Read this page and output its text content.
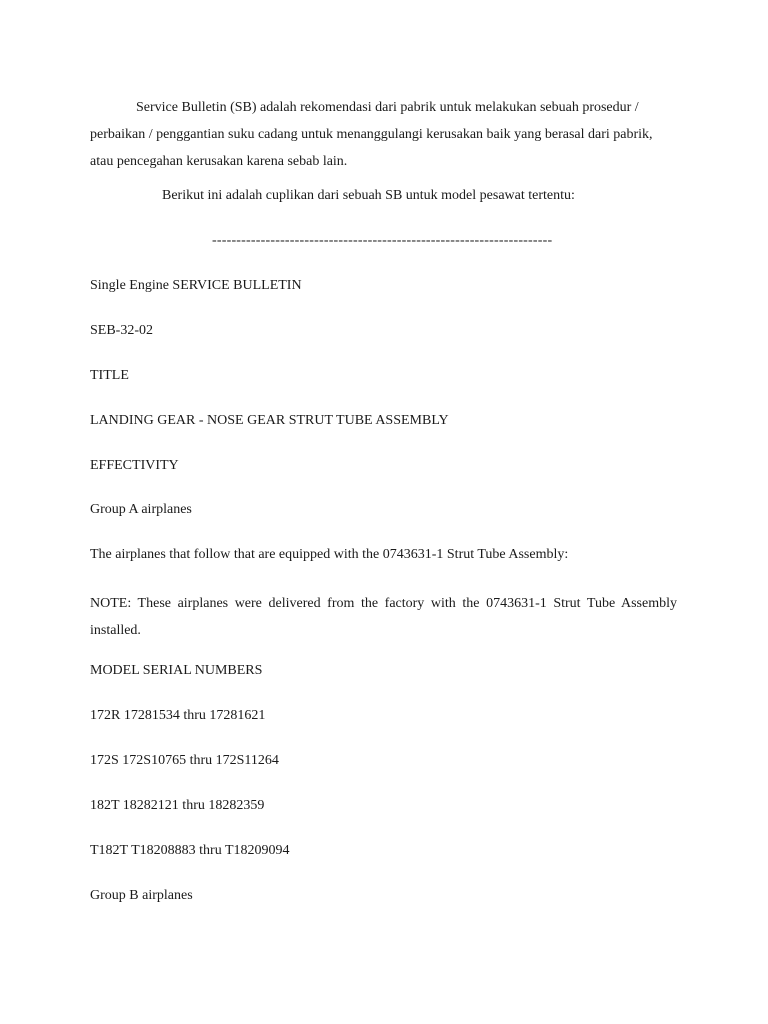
Service Bulletin (SB) adalah rekomendasi dari pabrik untuk melakukan sebuah prosedur / perbaikan / penggantian suku cadang untuk menanggulangi kerusakan baik yang berasal dari pabrik, atau pencegahan kerusakan karena sebab lain.

Berikut ini adalah cuplikan dari sebuah SB untuk model pesawat tertentu:

----------------------------------------------------------------------

Single Engine SERVICE BULLETIN

SEB-32-02

TITLE

LANDING GEAR - NOSE GEAR STRUT TUBE ASSEMBLY

EFFECTIVITY

Group A airplanes

The airplanes that follow that are equipped with the 0743631-1 Strut Tube Assembly:

NOTE: These airplanes were delivered from the factory with the 0743631-1 Strut Tube Assembly installed.

MODEL SERIAL NUMBERS

172R 17281534 thru 17281621

172S 172S10765 thru 172S11264

182T 18282121 thru 18282359

T182T T18208883 thru T18209094

Group B airplanes
